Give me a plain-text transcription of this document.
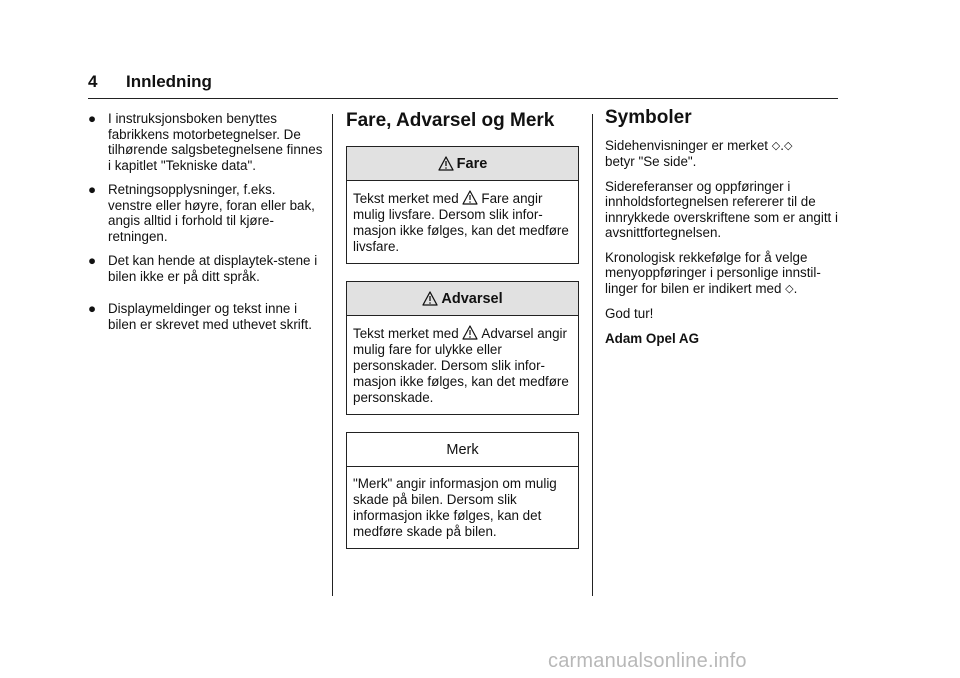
4 Innledning
● I instruksjonsboken benyttes fabrikkens motorbetegnelser. De tilhørende salgsbetegnelsene finnes i kapitlet "Tekniske data".
● Retningsopplysninger, f.eks. venstre eller høyre, foran eller bak, angis alltid i forhold til kjøre-retningen.
● Det kan hende at displaytek-stene i bilen ikke er på ditt språk.
● Displaymeldinger og tekst inne i bilen er skrevet med uthevet skrift.
Fare, Advarsel og Merk
Fare

Tekst merket med Fare angir mulig livsfare. Dersom slik infor-masjon ikke følges, kan det medføre livsfare.

Advarsel

Tekst merket med Advarsel angir mulig fare for ulykke eller personskader. Dersom slik infor-masjon ikke følges, kan det medføre personskade.

Merk

"Merk" angir informasjon om mulig skade på bilen. Dersom slik informasjon ikke følges, kan det medføre skade på bilen.

Symboler

Sidehenvisninger er merket ◇.◇
betyr "Se side".

Sidereferanser og oppføringer i innholdsfortegnelsen refererer til de innrykkede overskriftene som er angitt i avsnittfortegnelsen.

Kronologisk rekkefølge for å velge menyoppføringer i personlige innstil-linger for bilen er indikert med ◇.

God tur!

Adam Opel AG

carmanualsonline.info
